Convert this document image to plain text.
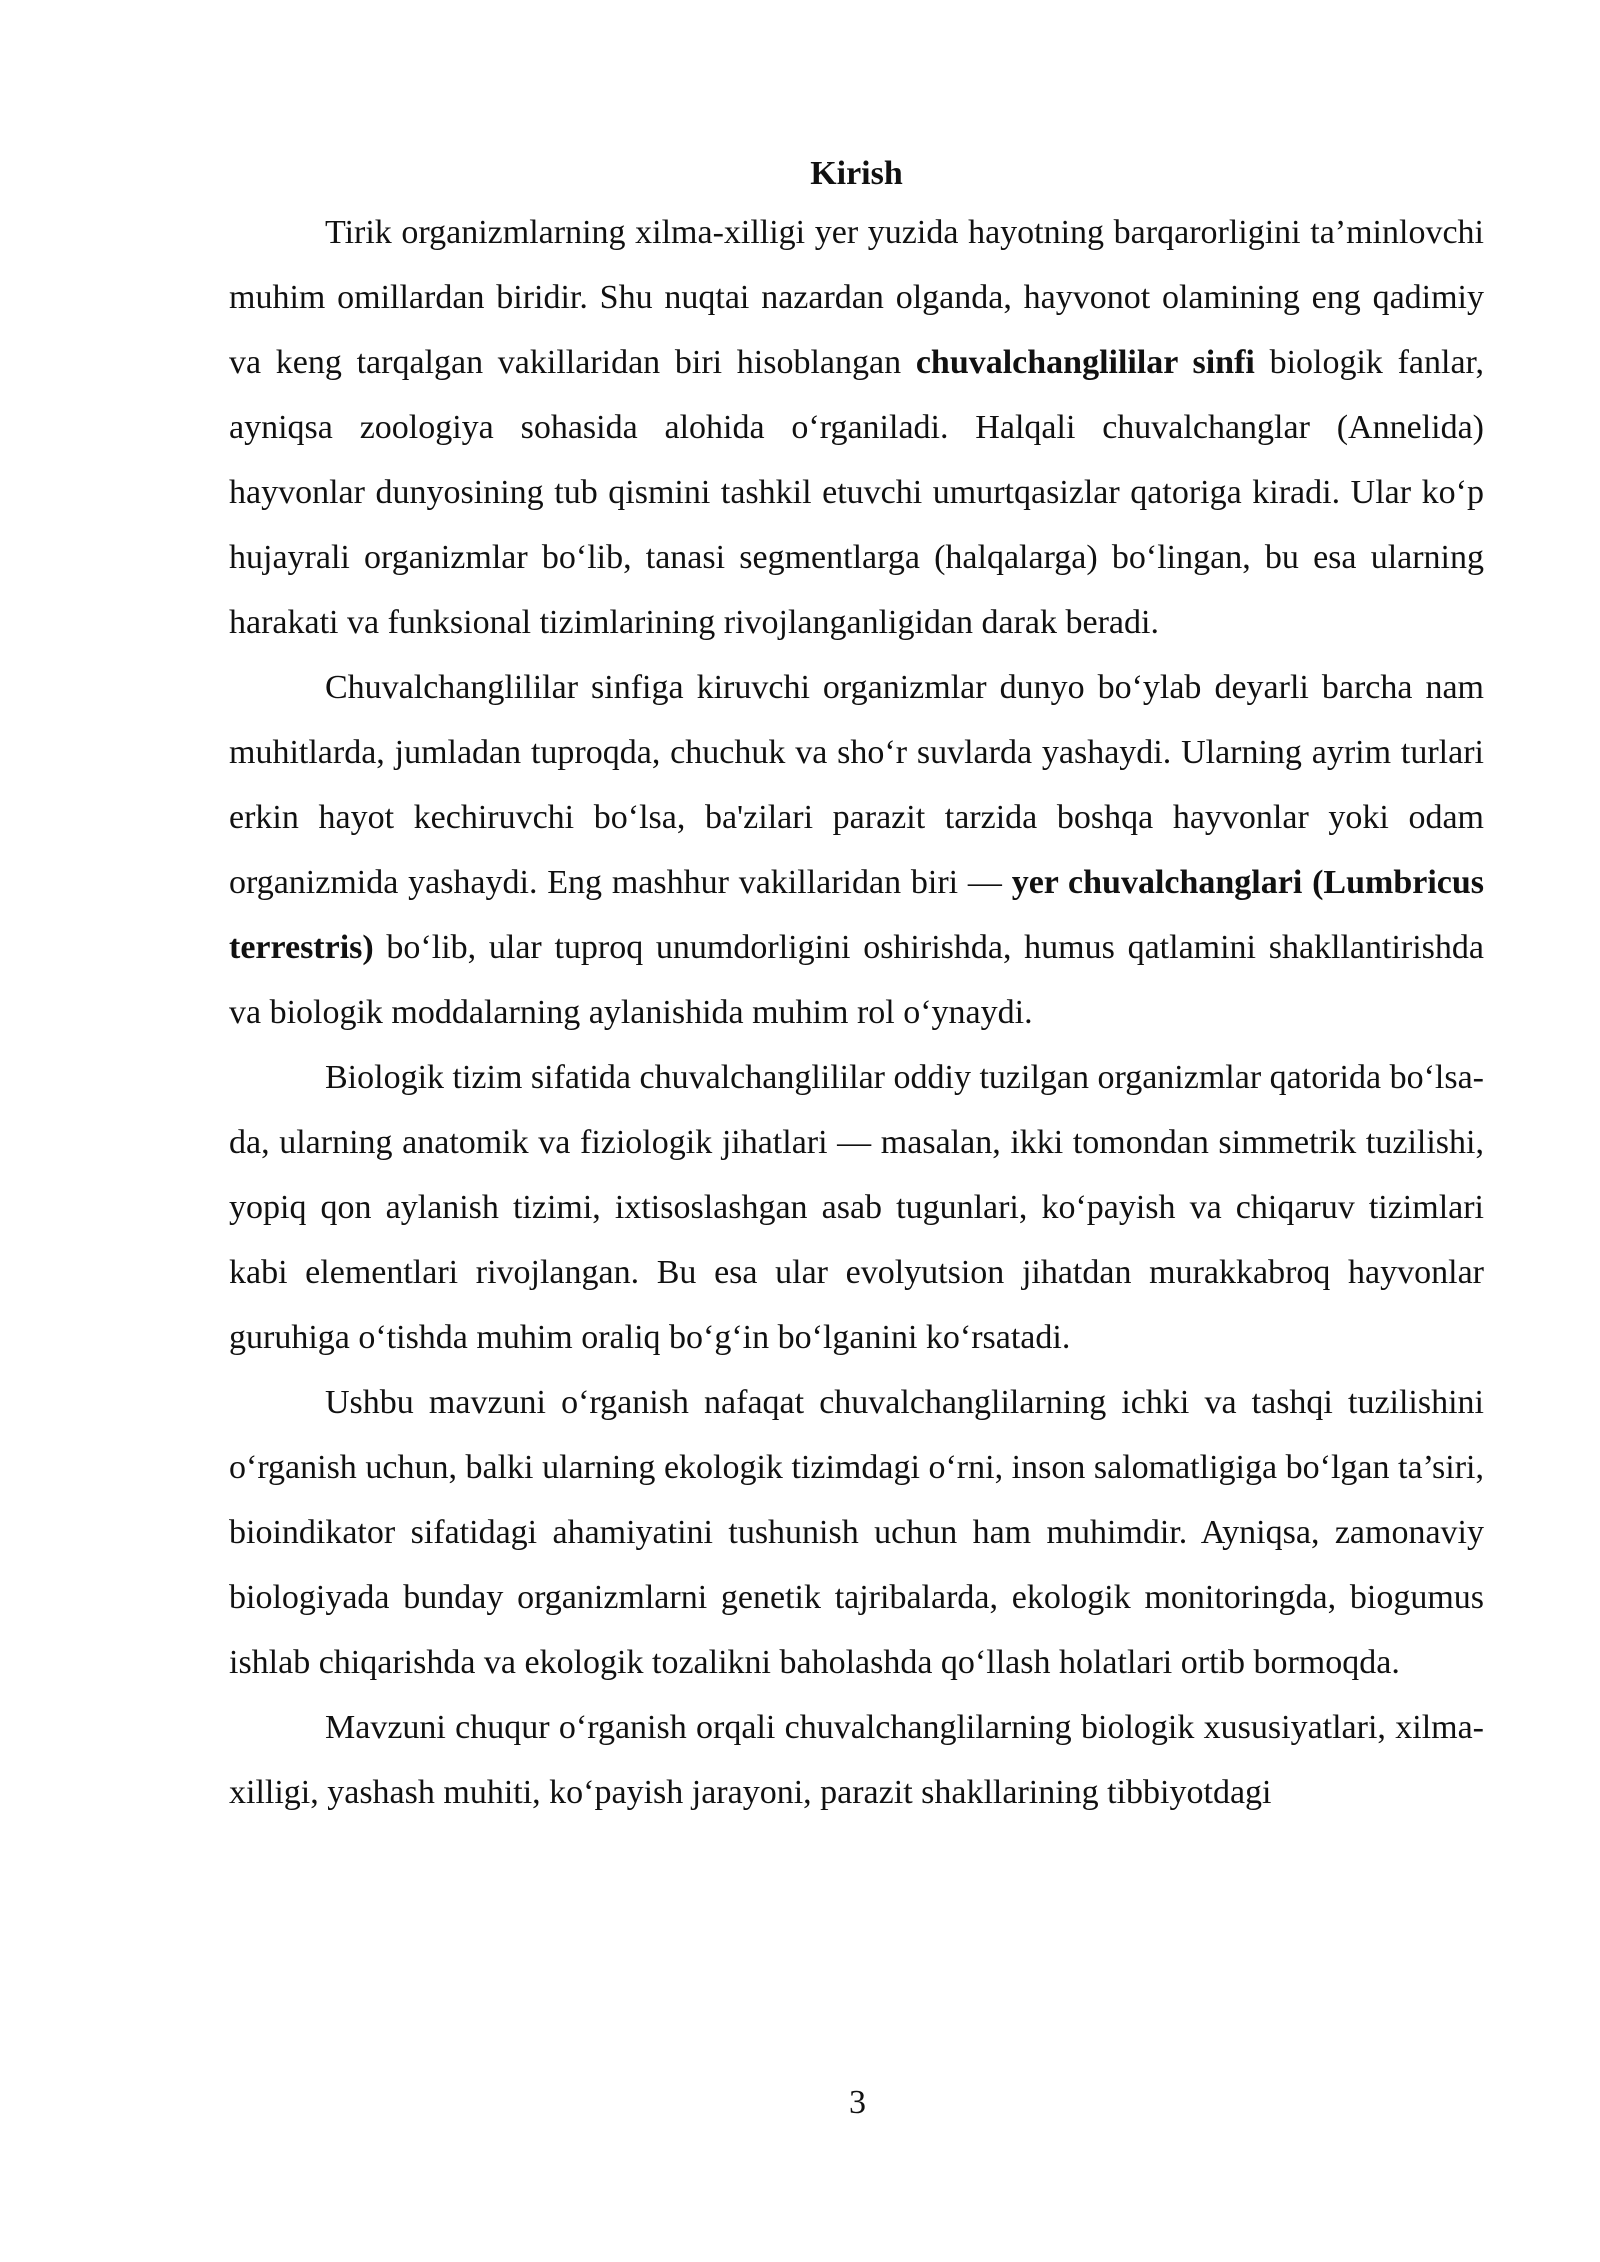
Kirish

Tirik organizmlarning xilma-xilligi yer yuzida hayotning barqarorligini ta’minlovchi muhim omillardan biridir. Shu nuqtai nazardan olganda, hayvonot olamining eng qadimiy va keng tarqalgan vakillaridan biri hisoblangan chuvalchanglililar sinfi biologik fanlar, ayniqsa zoologiya sohasida alohida o‘rganiladi. Halqali chuvalchanglar (Annelida) hayvonlar dunyosining tub qismini tashkil etuvchi umurtqasizlar qatoriga kiradi. Ular ko‘p hujayrali organizmlar bo‘lib, tanasi segmentlarga (halqalarga) bo‘lingan, bu esa ularning harakati va funksional tizimlarining rivojlanganligidan darak beradi.

Chuvalchanglililar sinfiga kiruvchi organizmlar dunyo bo‘ylab deyarli barcha nam muhitlarda, jumladan tuproqda, chuchuk va sho‘r suvlarda yashaydi. Ularning ayrim turlari erkin hayot kechiruvchi bo‘lsa, ba'zilari parazit tarzida boshqa hayvonlar yoki odam organizmida yashaydi. Eng mashhur vakillaridan biri — yer chuvalchanglari (Lumbricus terrestris) bo‘lib, ular tuproq unumdorligini oshirishda, humus qatlamini shakllantirishda va biologik moddalarning aylanishida muhim rol o‘ynaydi.

Biologik tizim sifatida chuvalchanglililar oddiy tuzilgan organizmlar qatorida bo‘lsa-da, ularning anatomik va fiziologik jihatlari — masalan, ikki tomondan simmetrik tuzilishi, yopiq qon aylanish tizimi, ixtisoslashgan asab tugunlari, ko‘payish va chiqaruv tizimlari kabi elementlari rivojlangan. Bu esa ular evolyutsion jihatdan murakkabroq hayvonlar guruhiga o‘tishda muhim oraliq bo‘g‘in bo‘lganini ko‘rsatadi.

Ushbu mavzuni o‘rganish nafaqat chuvalchanglilarning ichki va tashqi tuzilishini o‘rganish uchun, balki ularning ekologik tizimdagi o‘rni, inson salomatligiga bo‘lgan ta’siri, bioindikator sifatidagi ahamiyatini tushunish uchun ham muhimdir. Ayniqsa, zamonaviy biologiyada bunday organizmlarni genetik tajribalarda, ekologik monitoringda, biogumus ishlab chiqarishda va ekologik tozalikni baholashda qo‘llash holatlari ortib bormoqda.

Mavzuni chuqur o‘rganish orqali chuvalchanglilarning biologik xususiyatlari, xilma-xilligi, yashash muhiti, ko‘payish jarayoni, parazit shakllarining tibbiyotdagi

3
